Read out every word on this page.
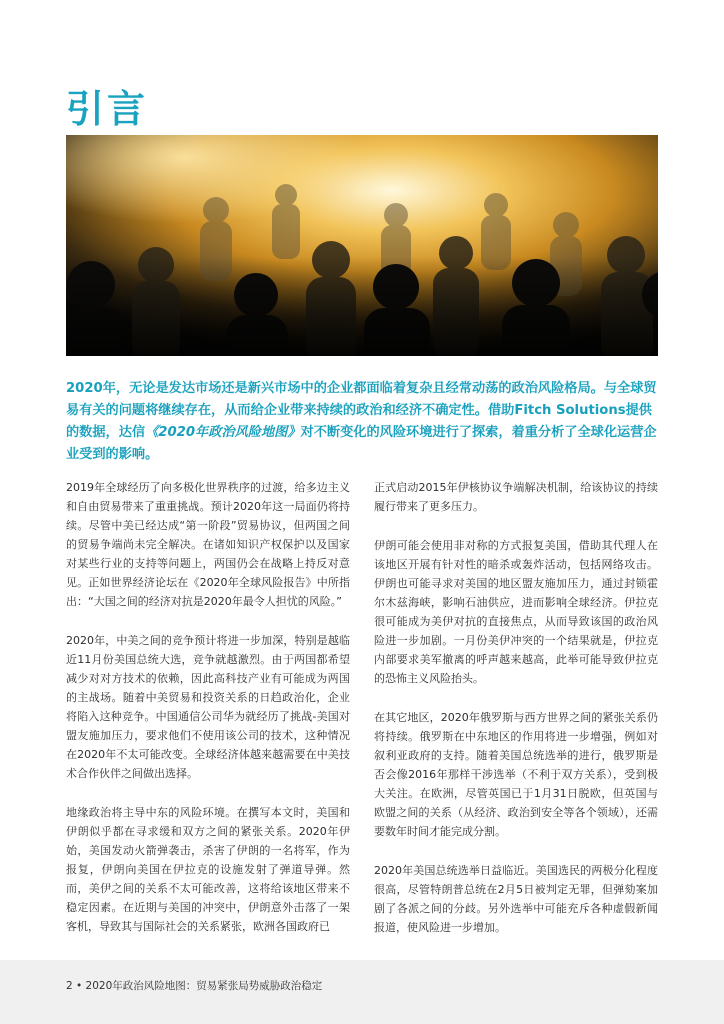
引言

2020年，无论是发达市场还是新兴市场中的企业都面临着复杂且经常动荡的政治风险格局。与全球贸易有关的问题将继续存在，从而给企业带来持续的政治和经济不确定性。借助Fitch Solutions提供的数据，达信《2020年政治风险地图》对不断变化的风险环境进行了探索，着重分析了全球化运营企业受到的影响。

2019年全球经历了向多极化世界秩序的过渡，给多边主义和自由贸易带来了重重挑战。预计2020年这一局面仍将持续。尽管中美已经达成“第一阶段”贸易协议，但两国之间的贸易争端尚未完全解决。在诸如知识产权保护以及国家对某些行业的支持等问题上，两国仍会在战略上持反对意见。正如世界经济论坛在《2020年全球风险报告》中所指出：“大国之间的经济对抗是2020年最令人担忧的风险。”

2020年，中美之间的竞争预计将进一步加深，特别是越临近11月份美国总统大选，竞争就越激烈。由于两国都希望减少对对方技术的依赖，因此高科技产业有可能成为两国的主战场。随着中美贸易和投资关系的日趋政治化，企业将陷入这种竞争。中国通信公司华为就经历了挑战-美国对盟友施加压力，要求他们不使用该公司的技术，这种情况在2020年不太可能改变。全球经济体越来越需要在中美技术合作伙伴之间做出选择。

地缘政治将主导中东的风险环境。在撰写本文时，美国和伊朗似乎都在寻求缓和双方之间的紧张关系。2020年伊始，美国发动火箭弹袭击，杀害了伊朗的一名将军，作为报复，伊朗向美国在伊拉克的设施发射了弹道导弹。然而，美伊之间的关系不太可能改善，这将给该地区带来不稳定因素。在近期与美国的冲突中，伊朗意外击落了一架客机，导致其与国际社会的关系紧张，欧洲各国政府已

正式启动2015年伊核协议争端解决机制，给该协议的持续履行带来了更多压力。

伊朗可能会使用非对称的方式报复美国，借助其代理人在该地区开展有针对性的暗杀或轰炸活动，包括网络攻击。伊朗也可能寻求对美国的地区盟友施加压力，通过封锁霍尔木兹海峡，影响石油供应，进而影响全球经济。伊拉克很可能成为美伊对抗的直接焦点，从而导致该国的政治风险进一步加剧。一月份美伊冲突的一个结果就是，伊拉克内部要求美军撤离的呼声越来越高，此举可能导致伊拉克的恐怖主义风险抬头。

在其它地区，2020年俄罗斯与西方世界之间的紧张关系仍将持续。俄罗斯在中东地区的作用将进一步增强，例如对叙利亚政府的支持。随着美国总统选举的进行，俄罗斯是否会像2016年那样干涉选举（不利于双方关系），受到极大关注。在欧洲，尽管英国已于1月31日脱欧，但英国与欧盟之间的关系（从经济、政治到安全等各个领域），还需要数年时间才能完成分割。

2020年美国总统选举日益临近。美国选民的两极分化程度很高，尽管特朗普总统在2月5日被判定无罪，但弹劾案加剧了各派之间的分歧。另外选举中可能充斥各种虚假新闻报道，使风险进一步增加。

2 • 2020年政治风险地图：贸易紧张局势威胁政治稳定
